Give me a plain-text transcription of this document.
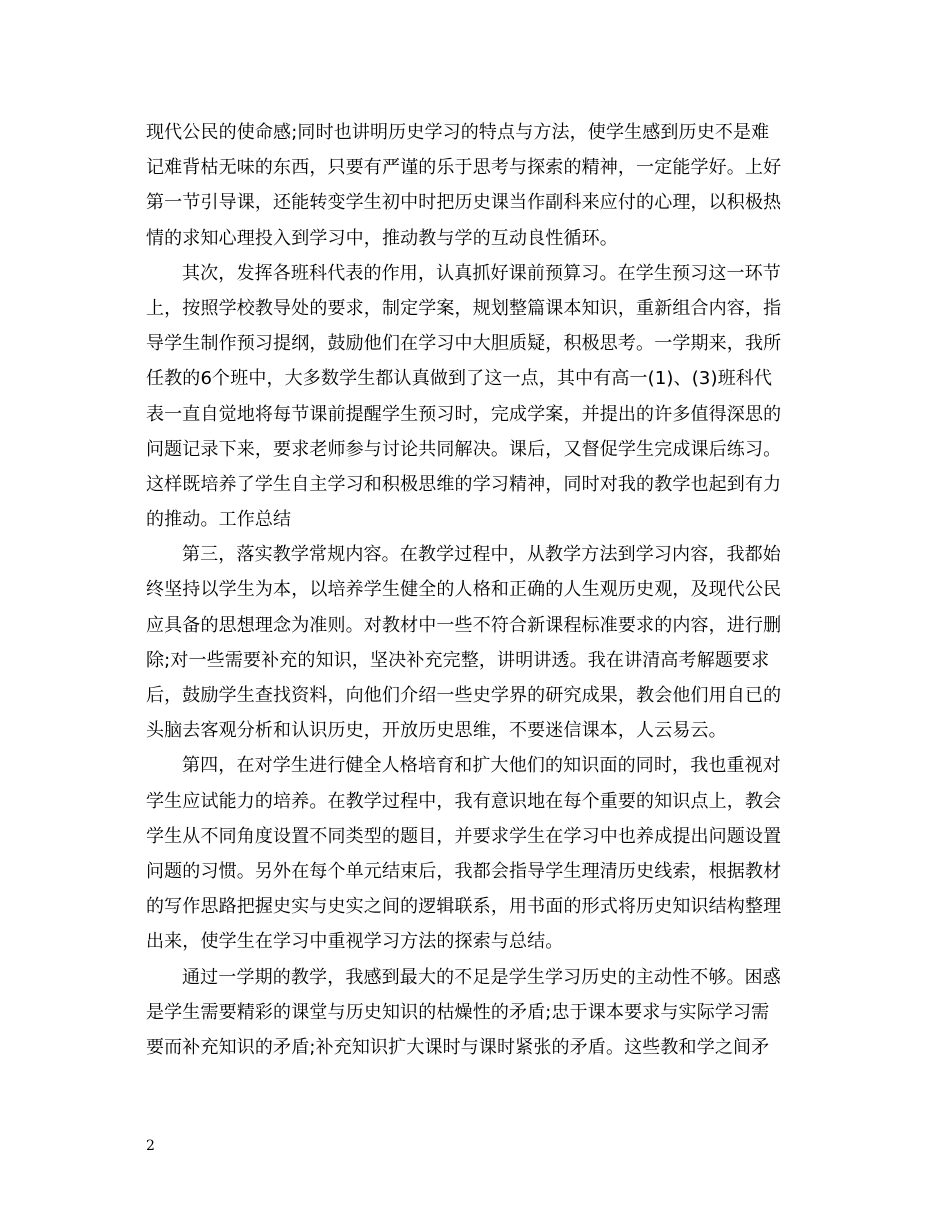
现代公民的使命感;同时也讲明历史学习的特点与方法，使学生感到历史不是难
记难背枯无味的东西，只要有严谨的乐于思考与探索的精神，一定能学好。上好
第一节引导课，还能转变学生初中时把历史课当作副科来应付的心理，以积极热
情的求知心理投入到学习中，推动教与学的互动良性循环。
其次，发挥各班科代表的作用，认真抓好课前预算习。在学生预习这一环节
上，按照学校教导处的要求，制定学案，规划整篇课本知识，重新组合内容，指
导学生制作预习提纲，鼓励他们在学习中大胆质疑，积极思考。一学期来，我所
任教的6个班中，大多数学生都认真做到了这一点，其中有高一(1)、(3)班科代
表一直自觉地将每节课前提醒学生预习时，完成学案，并提出的许多值得深思的
问题记录下来，要求老师参与讨论共同解决。课后，又督促学生完成课后练习。
这样既培养了学生自主学习和积极思维的学习精神，同时对我的教学也起到有力
的推动。工作总结
第三，落实教学常规内容。在教学过程中，从教学方法到学习内容，我都始
终坚持以学生为本，以培养学生健全的人格和正确的人生观历史观，及现代公民
应具备的思想理念为准则。对教材中一些不符合新课程标准要求的内容，进行删
除;对一些需要补充的知识，坚决补充完整，讲明讲透。我在讲清高考解题要求
后，鼓励学生查找资料，向他们介绍一些史学界的研究成果，教会他们用自已的
头脑去客观分析和认识历史，开放历史思维，不要迷信课本，人云易云。
第四，在对学生进行健全人格培育和扩大他们的知识面的同时，我也重视对
学生应试能力的培养。在教学过程中，我有意识地在每个重要的知识点上，教会
学生从不同角度设置不同类型的题目，并要求学生在学习中也养成提出问题设置
问题的习惯。另外在每个单元结束后，我都会指导学生理清历史线索，根据教材
的写作思路把握史实与史实之间的逻辑联系，用书面的形式将历史知识结构整理
出来，使学生在学习中重视学习方法的探索与总结。
通过一学期的教学，我感到最大的不足是学生学习历史的主动性不够。困惑
是学生需要精彩的课堂与历史知识的枯燥性的矛盾;忠于课本要求与实际学习需
要而补充知识的矛盾;补充知识扩大课时与课时紧张的矛盾。这些教和学之间矛
2
